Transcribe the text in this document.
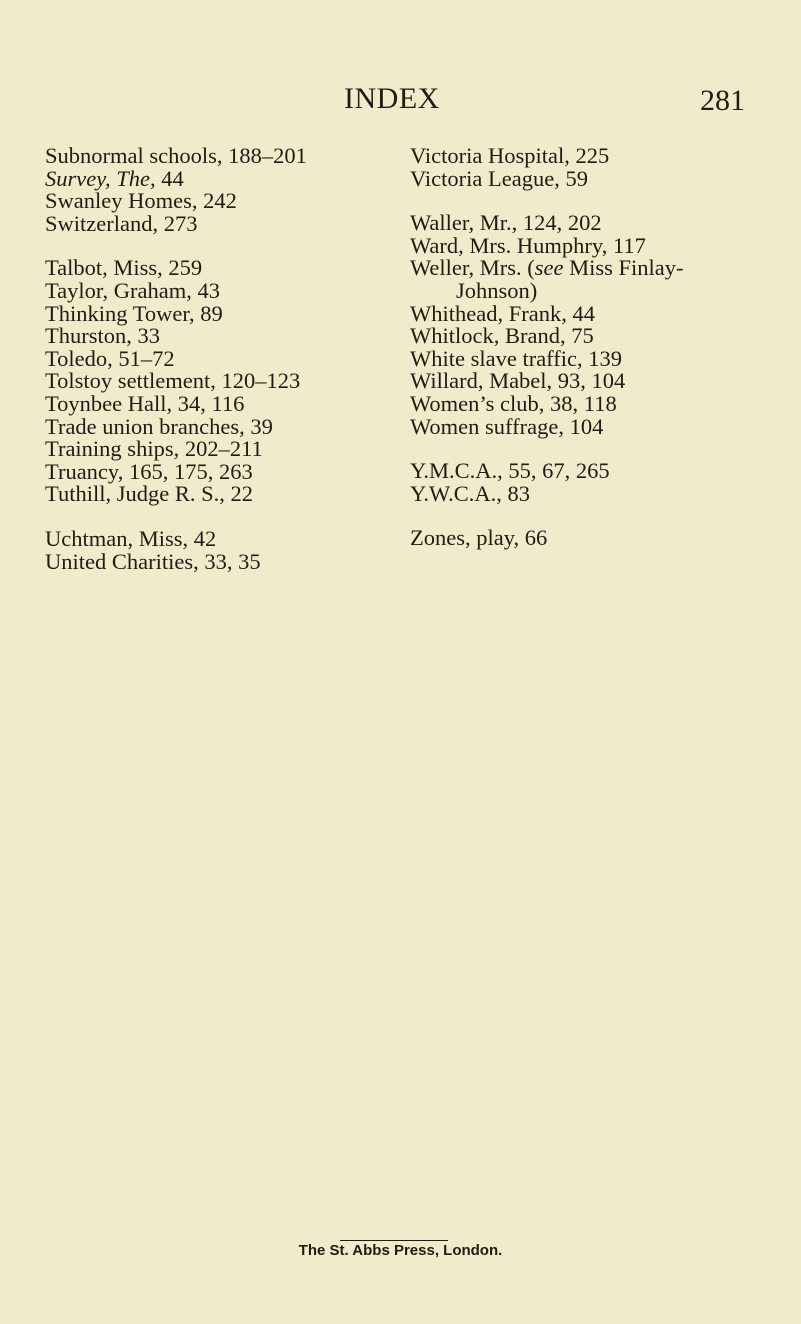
INDEX	281
Subnormal schools, 188–201
Survey, The, 44
Swanley Homes, 242
Switzerland, 273
Talbot, Miss, 259
Taylor, Graham, 43
Thinking Tower, 89
Thurston, 33
Toledo, 51–72
Tolstoy settlement, 120–123
Toynbee Hall, 34, 116
Trade union branches, 39
Training ships, 202–211
Truancy, 165, 175, 263
Tuthill, Judge R. S., 22
Uchtman, Miss, 42
United Charities, 33, 35
Victoria Hospital, 225
Victoria League, 59
Waller, Mr., 124, 202
Ward, Mrs. Humphry, 117
Weller, Mrs. (see Miss Finlay-
Johnson)
Whithead, Frank, 44
Whitlock, Brand, 75
White slave traffic, 139
Willard, Mabel, 93, 104
Women’s club, 38, 118
Women suffrage, 104
Y.M.C.A., 55, 67, 265
Y.W.C.A., 83
Zones, play, 66
The St. Abbs Press, London.
